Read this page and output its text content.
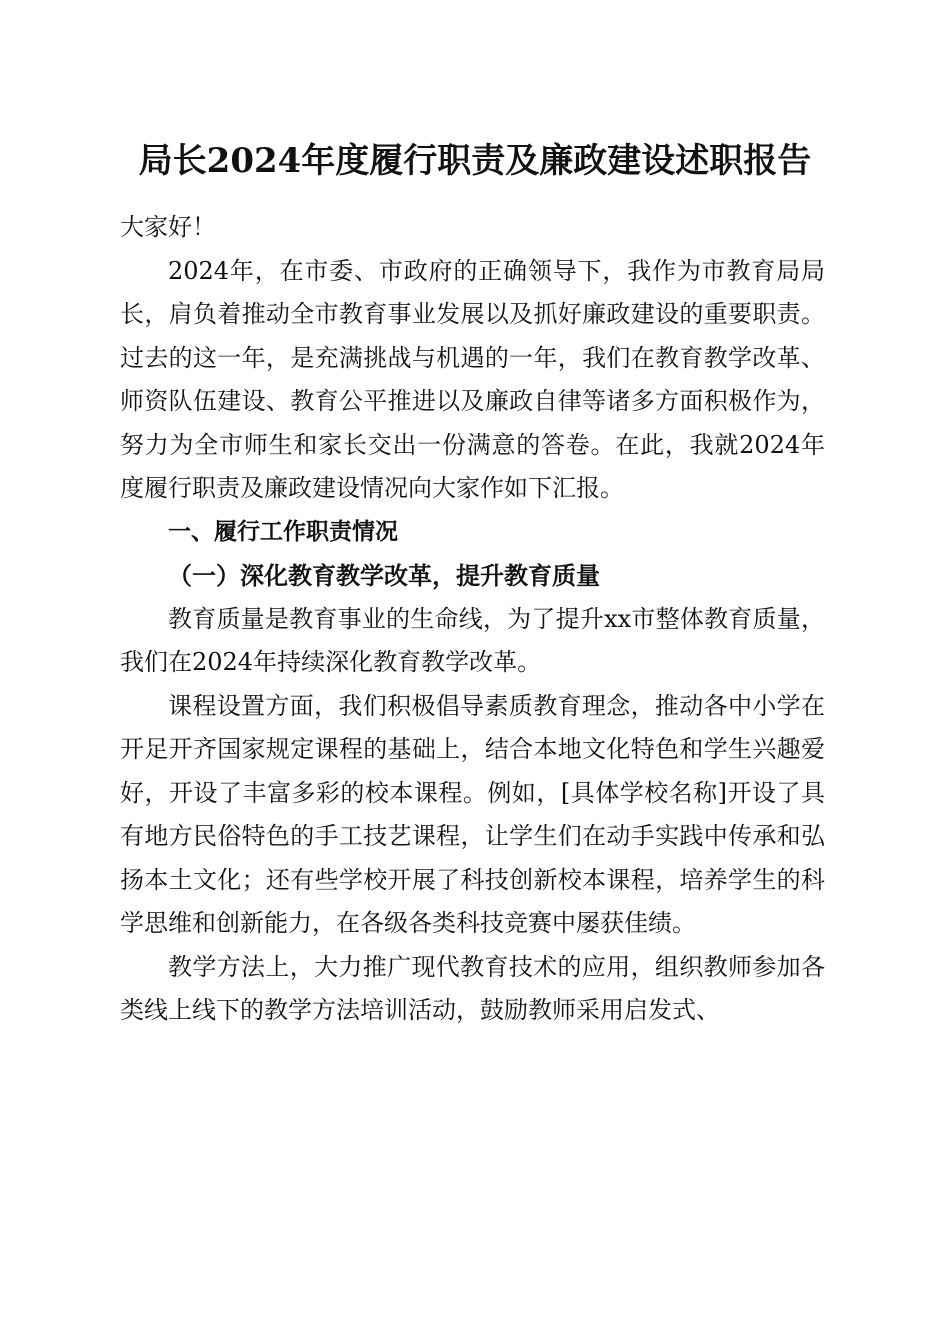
局长2024年度履行职责及廉政建设述职报告

大家好！

2024年，在市委、市政府的正确领导下，我作为市教育局局长，肩负着推动全市教育事业发展以及抓好廉政建设的重要职责。过去的这一年，是充满挑战与机遇的一年，我们在教育教学改革、师资队伍建设、教育公平推进以及廉政自律等诸多方面积极作为，努力为全市师生和家长交出一份满意的答卷。在此，我就2024年度履行职责及廉政建设情况向大家作如下汇报。

一、履行工作职责情况

（一）深化教育教学改革，提升教育质量

教育质量是教育事业的生命线，为了提升xx市整体教育质量，我们在2024年持续深化教育教学改革。

课程设置方面，我们积极倡导素质教育理念，推动各中小学在开足开齐国家规定课程的基础上，结合本地文化特色和学生兴趣爱好，开设了丰富多彩的校本课程。例如，[具体学校名称]开设了具有地方民俗特色的手工技艺课程，让学生们在动手实践中传承和弘扬本土文化；还有些学校开展了科技创新校本课程，培养学生的科学思维和创新能力，在各级各类科技竞赛中屡获佳绩。

教学方法上，大力推广现代教育技术的应用，组织教师参加各类线上线下的教学方法培训活动，鼓励教师采用启发式、
